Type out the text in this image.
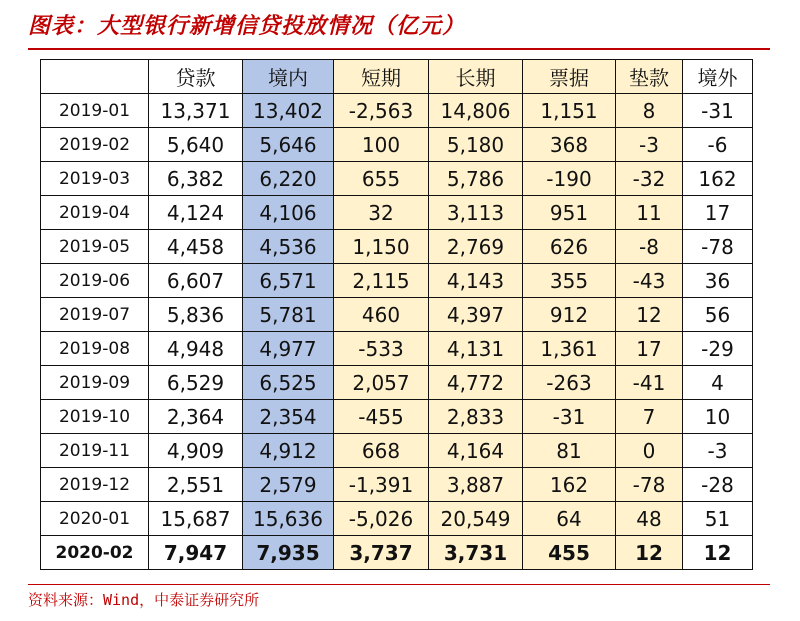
图表：大型银行新增信贷投放情况（亿元）
	贷款	境内	短期	长期	票据	垫款	境外
2019-01	13,371	13,402	-2,563	14,806	1,151	8	-31
2019-02	5,640	5,646	100	5,180	368	-3	-6
2019-03	6,382	6,220	655	5,786	-190	-32	162
2019-04	4,124	4,106	32	3,113	951	11	17
2019-05	4,458	4,536	1,150	2,769	626	-8	-78
2019-06	6,607	6,571	2,115	4,143	355	-43	36
2019-07	5,836	5,781	460	4,397	912	12	56
2019-08	4,948	4,977	-533	4,131	1,361	17	-29
2019-09	6,529	6,525	2,057	4,772	-263	-41	4
2019-10	2,364	2,354	-455	2,833	-31	7	10
2019-11	4,909	4,912	668	4,164	81	0	-3
2019-12	2,551	2,579	-1,391	3,887	162	-78	-28
2020-01	15,687	15,636	-5,026	20,549	64	48	51
2020-02	7,947	7,935	3,737	3,731	455	12	12
资料来源：Wind，中泰证券研究所
